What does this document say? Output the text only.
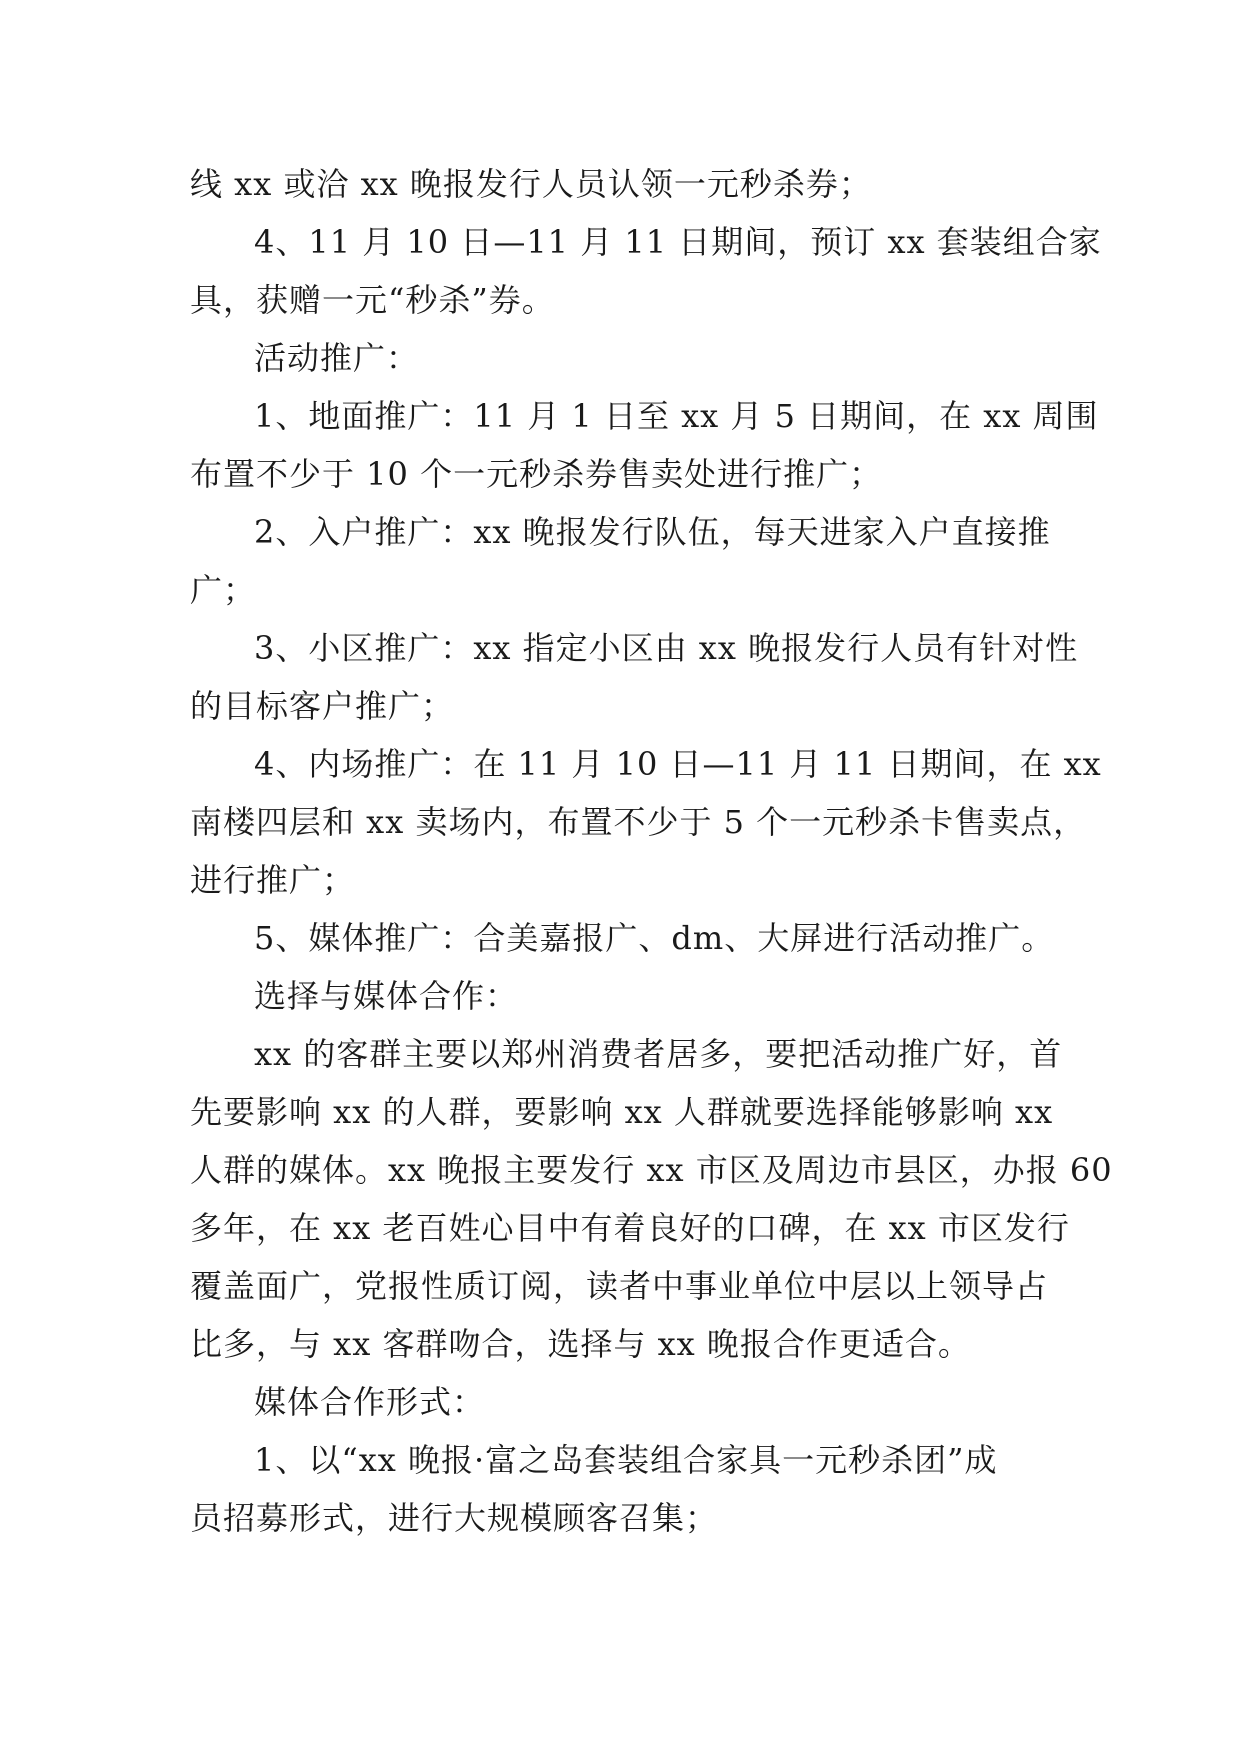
线 xx 或洽 xx 晚报发行人员认领一元秒杀券；
4、11 月 10 日—11 月 11 日期间，预订 xx 套装组合家
具，获赠一元“秒杀”券。
活动推广：
1、地面推广：11 月 1 日至 xx 月 5 日期间，在 xx 周围
布置不少于 10 个一元秒杀券售卖处进行推广；
2、入户推广：xx 晚报发行队伍，每天进家入户直接推
广；
3、小区推广：xx 指定小区由 xx 晚报发行人员有针对性
的目标客户推广；
4、内场推广：在 11 月 10 日—11 月 11 日期间，在 xx
南楼四层和 xx 卖场内，布置不少于 5 个一元秒杀卡售卖点，
进行推广；
5、媒体推广：合美嘉报广、dm、大屏进行活动推广。
选择与媒体合作：
xx 的客群主要以郑州消费者居多，要把活动推广好，首
先要影响 xx 的人群，要影响 xx 人群就要选择能够影响 xx
人群的媒体。xx 晚报主要发行 xx 市区及周边市县区，办报 60
多年，在 xx 老百姓心目中有着良好的口碑，在 xx 市区发行
覆盖面广，党报性质订阅，读者中事业单位中层以上领导占
比多，与 xx 客群吻合，选择与 xx 晚报合作更适合。
媒体合作形式：
1、以“xx 晚报·富之岛套装组合家具一元秒杀团”成
员招募形式，进行大规模顾客召集；
